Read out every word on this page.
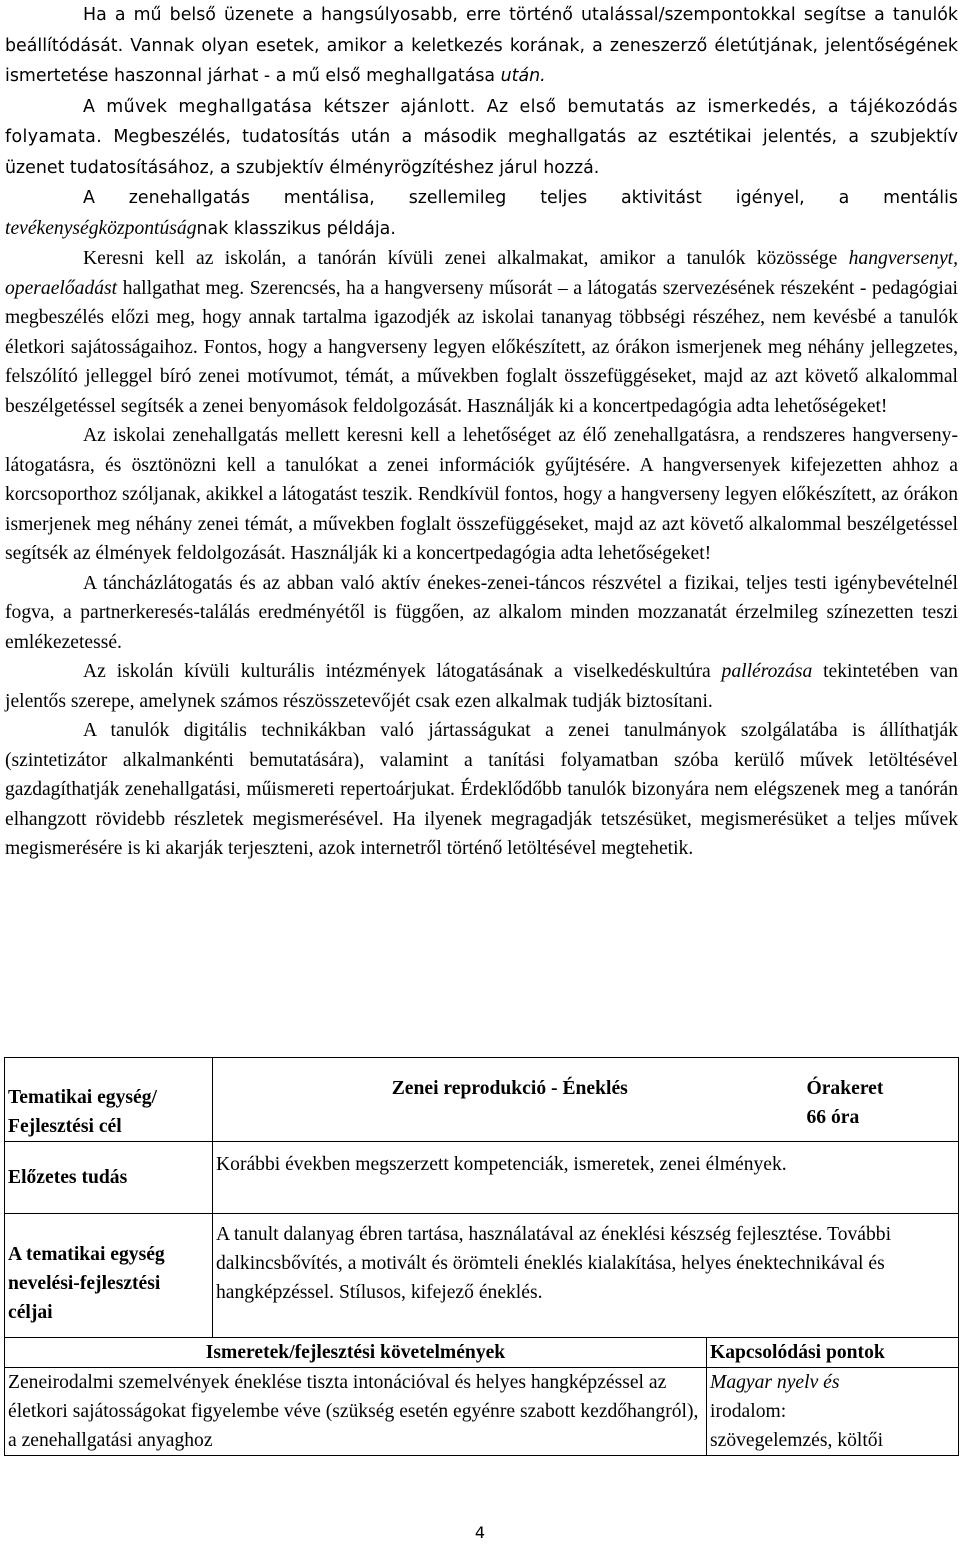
Ha a mű belső üzenete a hangsúlyosabb, erre történő utalással/szempontokkal segítse a tanulók beállítódását. Vannak olyan esetek, amikor a keletkezés korának, a zeneszerző életútjának, jelentőségének ismertetése haszonnal járhat - a mű első meghallgatása után.
A művek meghallgatása kétszer ajánlott. Az első bemutatás az ismerkedés, a tájékozódás folyamata. Megbeszélés, tudatosítás után a második meghallgatás az esztétikai jelentés, a szubjektív üzenet tudatosításához, a szubjektív élményrögzítéshez járul hozzá.

A zenehallgatás mentálisa, szellemileg teljes aktivitást igényel, a mentális tevékenységközpontúságnak klasszikus példája.

Keresni kell az iskolán, a tanórán kívüli zenei alkalmakat, amikor a tanulók közössége hangversenyt, operaelőadást hallgathat meg. Szerencsés, ha a hangverseny műsorát – a látogatás szervezésének részeként - pedagógiai megbeszélés előzi meg, hogy annak tartalma igazodjék az iskolai tananyag többségi részéhez, nem kevésbé a tanulók életkori sajátosságaihoz. Fontos, hogy a hangverseny legyen előkészített, az órákon ismerjenek meg néhány jellegzetes, felszólító jelleggel bíró zenei motívumot, témát, a művekben foglalt összefüggéseket, majd az azt követő alkalommal beszélgetéssel segítsék a zenei benyomások feldolgozását. Használják ki a koncertpedagógia adta lehetőségeket!

Az iskolai zenehallgatás mellett keresni kell a lehetőséget az élő zenehallgatásra, a rendszeres hangverseny-látogatásra, és ösztönözni kell a tanulókat a zenei információk gyűjtésére. A hangversenyek kifejezetten ahhoz a korcsoporthoz szóljanak, akikkel a látogatást teszik. Rendkívül fontos, hogy a hangverseny legyen előkészített, az órákon ismerjenek meg néhány zenei témát, a művekben foglalt összefüggéseket, majd az azt követő alkalommal beszélgetéssel segítsék az élmények feldolgozását. Használják ki a koncertpedagógia adta lehetőségeket!

A táncházlátogatás és az abban való aktív énekes-zenei-táncos részvétel a fizikai, teljes testi igénybevételnél fogva, a partnerkeresés-találás eredményétől is függően, az alkalom minden mozzanatát érzelmileg színezetten teszi emlékezetessé.

Az iskolán kívüli kulturális intézmények látogatásának a viselkedéskultúra pallérozása tekintetében van jelentős szerepe, amelynek számos részösszetevőjét csak ezen alkalmak tudják biztosítani.

A tanulók digitális technikákban való jártasságukat a zenei tanulmányok szolgálatába is állíthatják (szintetizátor alkalmankénti bemutatására), valamint a tanítási folyamatban szóba kerülő művek letöltésével gazdagíthatják zenehallgatási, műismereti repertoárjukat. Érdeklődőbb tanulók bizonyára nem elégszenek meg a tanórán elhangzott rövidebb részletek megismerésével. Ha ilyenek megragadják tetszésüket, megismerésüket a teljes művek megismerésére is ki akarják terjeszteni, azok internetről történő letöltésével megtehetik.

Tematikai egység/ Fejlesztési cél	Zenei reprodukció - Éneklés		Órakeret
66 óra

Előzetes tudás	Korábbi években megszerzett kompetenciák, ismeretek, zenei élmények.		
A tematikai egység nevelési-fejlesztési céljai	A tanult dalanyag ébren tartása, használatával az éneklési készség fejlesztése. További dalkincsbővítés, a motivált és örömteli éneklés kialakítása, helyes énektechnikával és hangképzéssel. Stílusos, kifejező éneklés.		
Ismeretek/fejlesztési követelmények		Kapcsolódási pontok	
Zeneirodalmi szemelvények éneklése tiszta intonációval és helyes hangképzéssel az életkori sajátosságokat figyelembe véve (szükség esetén egyénre szabott kezdőhangról), a zenehallgatási anyaghoz		Magyar nyelv és
irodalom:
szövegelemzés, költői	
4
